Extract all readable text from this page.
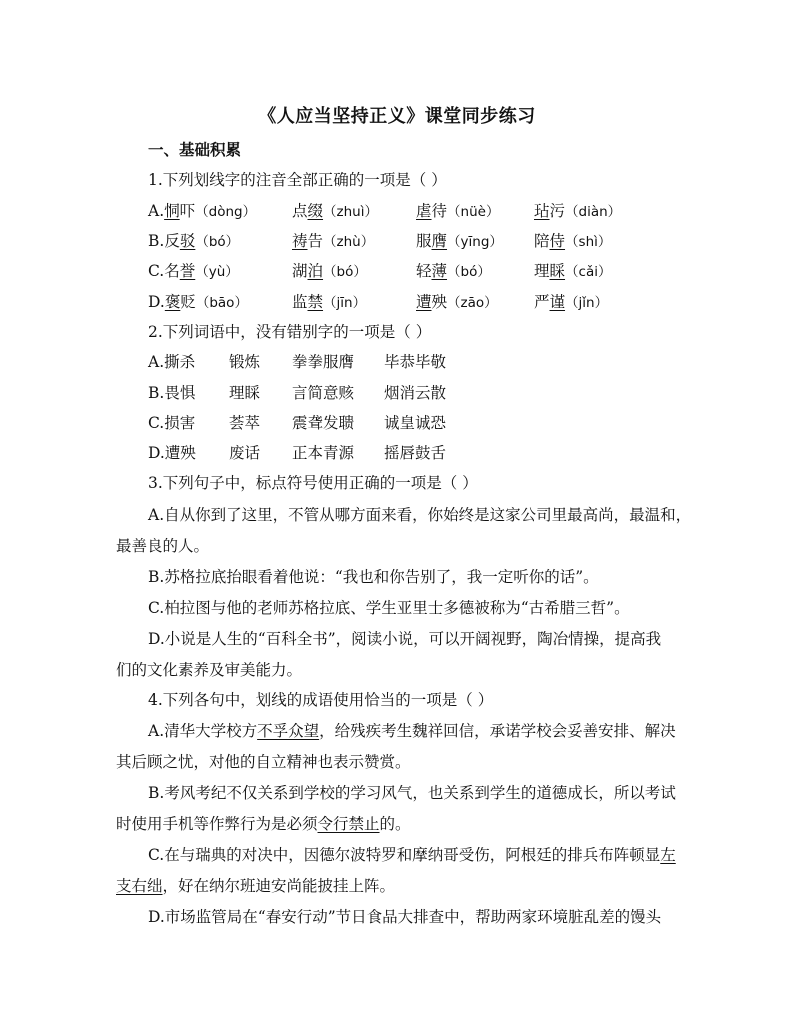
《人应当坚持正义》课堂同步练习
一、基础积累
1.下列划线字的注音全部正确的一项是（ ）
A.恫吓（dòng） 点缀（zhuì） 虐待（nüè） 玷污（diàn）
B.反驳（bó）	祷告（zhù）	服膺（yīng） 陪侍（shì）
C.名誉（yù）	湖泊（bó）	轻薄（bó）	理睬（cǎi）
D.褒贬（bāo）	监禁（jīn）	遭殃（zāo） 严谨（jǐn）
2.下列词语中，没有错别字的一项是（ ）
A.撕杀 锻炼 拳拳服膺 毕恭毕敬
B.畏惧 理睬 言简意赅 烟消云散
C.损害 荟萃 震聋发聩 诚皇诚恐
D.遭殃 废话 正本青源 摇唇鼓舌
3.下列句子中，标点符号使用正确的一项是（ ）
A.自从你到了这里，不管从哪方面来看，你始终是这家公司里最高尚，最温和，
最善良的人。
B.苏格拉底抬眼看着他说：“我也和你告别了，我一定听你的话”。
C.柏拉图与他的老师苏格拉底、学生亚里士多德被称为“古希腊三哲”。
D.小说是人生的“百科全书”，阅读小说，可以开阔视野，陶冶情操，提高我
们的文化素养及审美能力。
4.下列各句中，划线的成语使用恰当的一项是（ ）
A.清华大学校方不孚众望，给残疾考生魏祥回信，承诺学校会妥善安排、解决
其后顾之忧，对他的自立精神也表示赞赏。
B.考风考纪不仅关系到学校的学习风气，也关系到学生的道德成长，所以考试
时使用手机等作弊行为是必须令行禁止的。
C.在与瑞典的对决中，因德尔波特罗和摩纳哥受伤，阿根廷的排兵布阵顿显左
支右绌，好在纳尔班迪安尚能披挂上阵。
D.市场监管局在“春安行动”节日食品大排查中，帮助两家环境脏乱差的馒头
